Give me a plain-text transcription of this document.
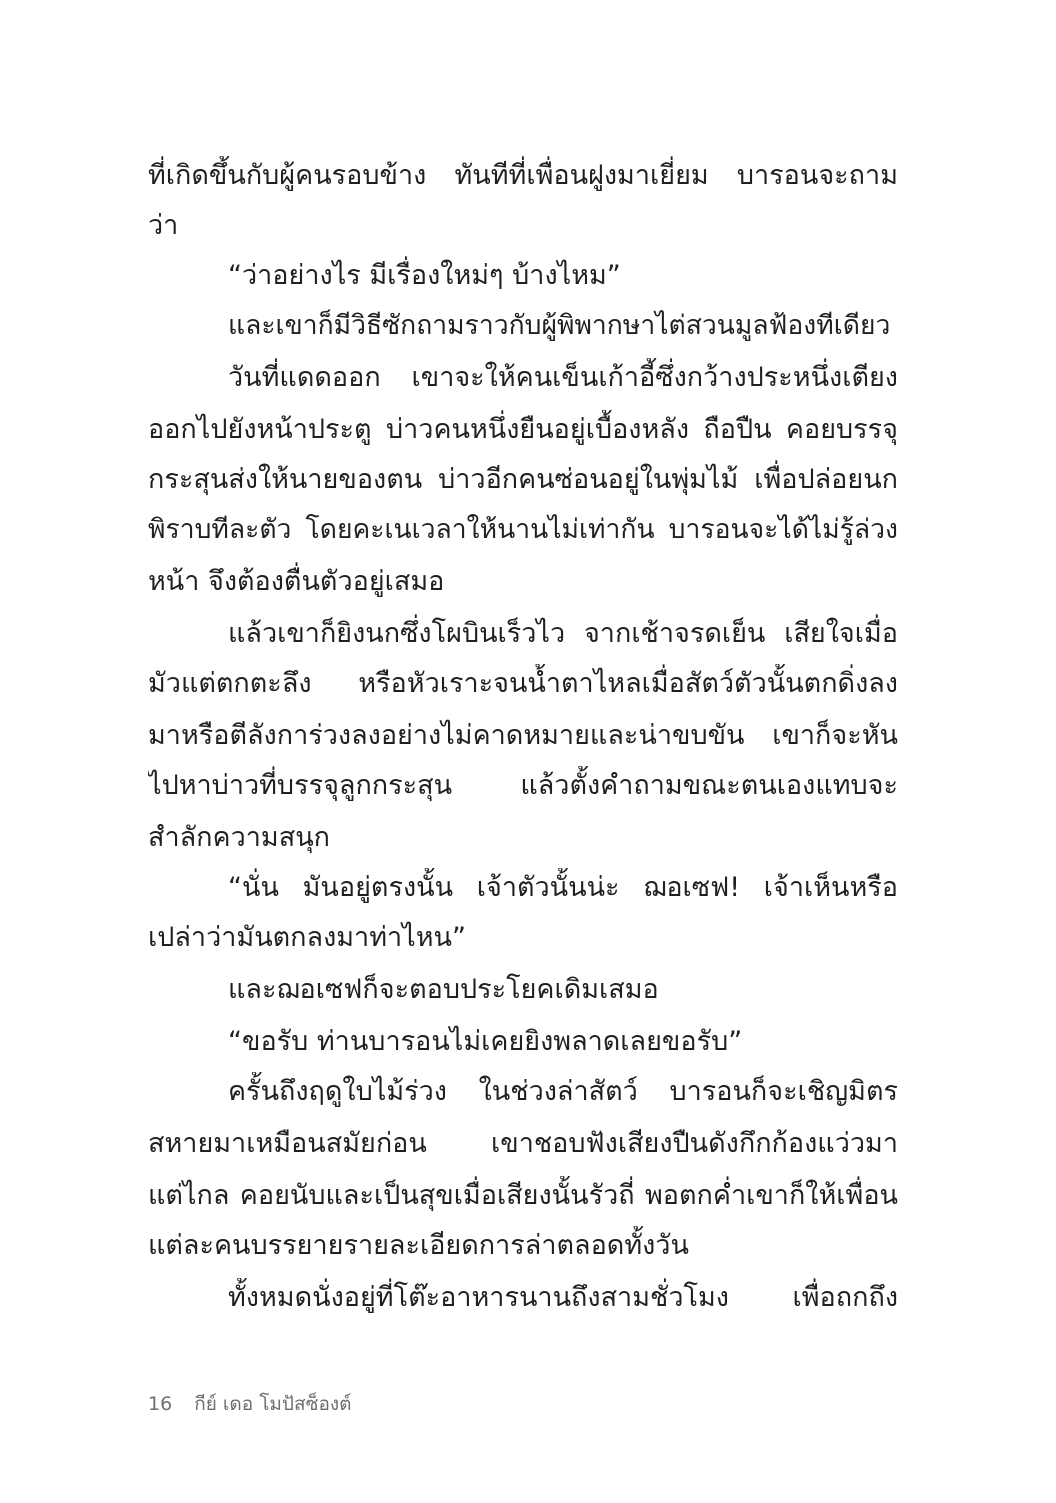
ที่เกิดขึ้นกับผู้คนรอบข้าง ทันทีที่เพื่อนฝูงมาเยี่ยม บารอนจะถาม
ว่า
“ว่าอย่างไร มีเรื่องใหม่ๆ บ้างไหม”
และเขาก็มีวิธีซักถามราวกับผู้พิพากษาไต่สวนมูลฟ้องทีเดียว
วันที่แดดออก เขาจะให้คนเข็นเก้าอี้ซึ่งกว้างประหนึ่งเตียง
ออกไปยังหน้าประตู บ่าวคนหนึ่งยืนอยู่เบื้องหลัง ถือปืน คอยบรรจุ
กระสุนส่งให้นายของตน บ่าวอีกคนซ่อนอยู่ในพุ่มไม้ เพื่อปล่อยนก
พิราบทีละตัว โดยคะเนเวลาให้นานไม่เท่ากัน บารอนจะได้ไม่รู้ล่วง
หน้า จึงต้องตื่นตัวอยู่เสมอ
แล้วเขาก็ยิงนกซึ่งโผบินเร็วไว จากเช้าจรดเย็น เสียใจเมื่อ
มัวแต่ตกตะลึง หรือหัวเราะจนน้ำตาไหลเมื่อสัตว์ตัวนั้นตกดิ่งลง
มาหรือตีลังการ่วงลงอย่างไม่คาดหมายและน่าขบขัน เขาก็จะหัน
ไปหาบ่าวที่บรรจุลูกกระสุน แล้วตั้งคำถามขณะตนเองแทบจะ
สำลักความสนุก
“นั่น มันอยู่ตรงนั้น เจ้าตัวนั้นน่ะ ฌอเซฟ! เจ้าเห็นหรือ
เปล่าว่ามันตกลงมาท่าไหน”
และฌอเซฟก็จะตอบประโยคเดิมเสมอ
“ขอรับ ท่านบารอนไม่เคยยิงพลาดเลยขอรับ”
ครั้นถึงฤดูใบไม้ร่วง ในช่วงล่าสัตว์ บารอนก็จะเชิญมิตร
สหายมาเหมือนสมัยก่อน เขาชอบฟังเสียงปืนดังกึกก้องแว่วมา
แต่ไกล คอยนับและเป็นสุขเมื่อเสียงนั้นรัวถี่ พอตกค่ำเขาก็ให้เพื่อน
แต่ละคนบรรยายรายละเอียดการล่าตลอดทั้งวัน
ทั้งหมดนั่งอยู่ที่โต๊ะอาหารนานถึงสามชั่วโมง เพื่อถกถึง
16 กีย์ เดอ โมปัสซ็องต์
